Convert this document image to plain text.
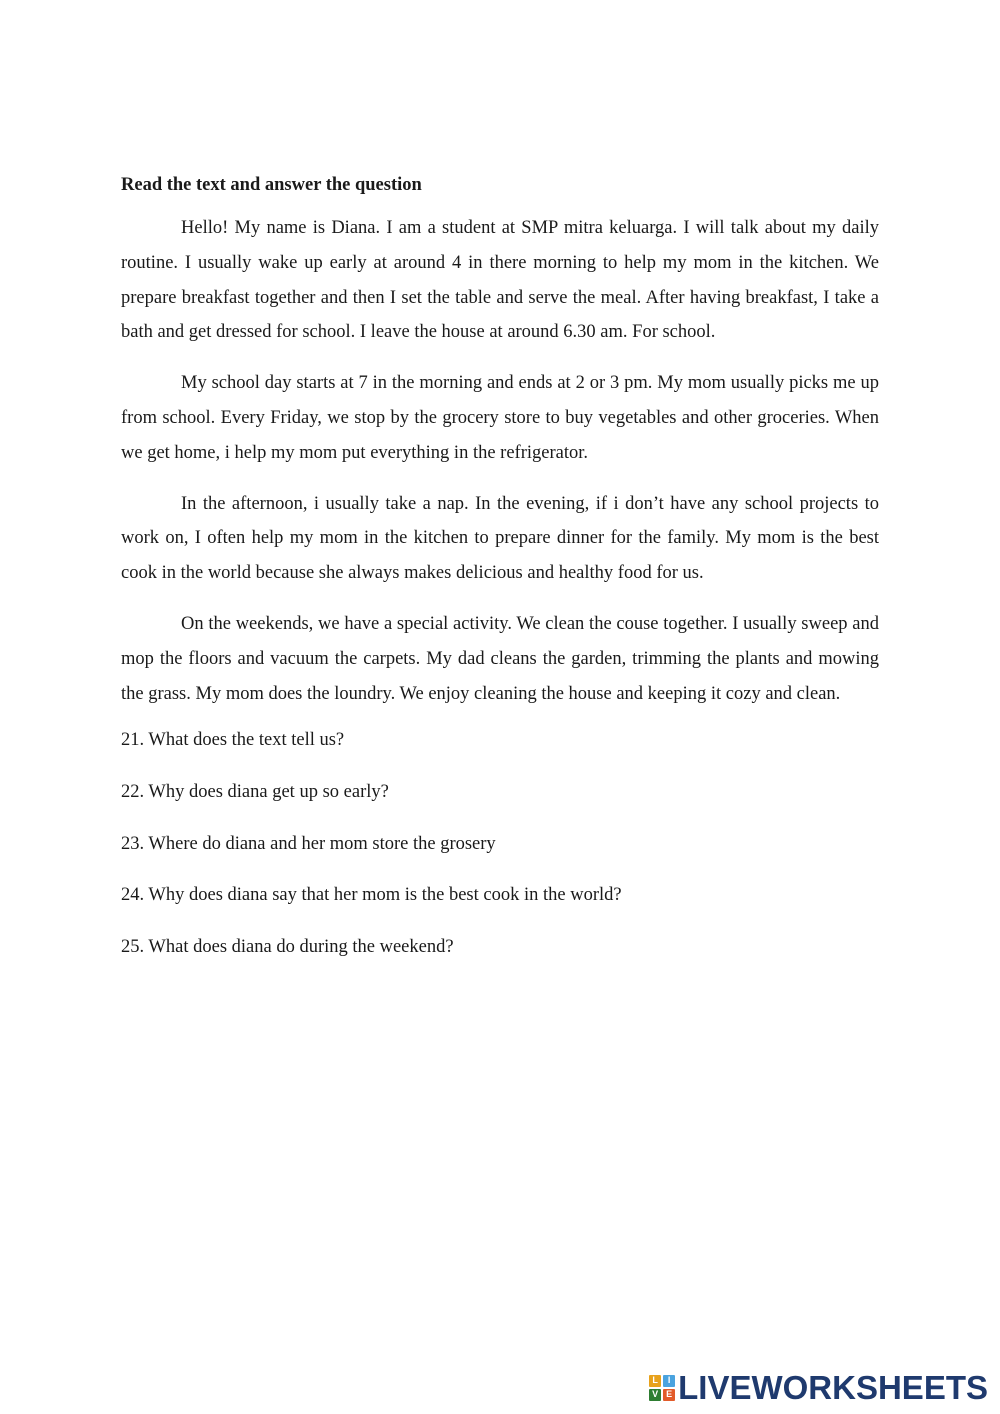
Read the text and answer the question

Hello! My name is Diana. I am a student at SMP mitra keluarga. I will talk about my daily routine. I usually wake up early at around 4 in there morning to help my mom in the kitchen. We prepare breakfast together and then I set the table and serve the meal. After having breakfast, I take a bath and get dressed for school. I leave the house at around 6.30 am. For school.

My school day starts at 7 in the morning and ends at 2 or 3 pm. My mom usually picks me up from school. Every Friday, we stop by the grocery store to buy vegetables and other groceries. When we get home, i help my mom put everything in the refrigerator.

In the afternoon, i usually take a nap. In the evening, if i don’t have any school projects to work on, I often help my mom in the kitchen to prepare dinner for the family. My mom is the best cook in the world because she always makes delicious and healthy food for us.

On the weekends, we have a special activity. We clean the couse together. I usually sweep and mop the floors and vacuum the carpets. My dad cleans the garden, trimming the plants and mowing the grass. My mom does the loundry. We enjoy cleaning the house and keeping it cozy and clean.

21. What does the text tell us?
22. Why does diana get up so early?
23. Where do diana and her mom store the grosery
24. Why does diana say that her mom is the best cook in the world?
25. What does diana do during the weekend?
L	I
V E LIVEWORKSHEETS
